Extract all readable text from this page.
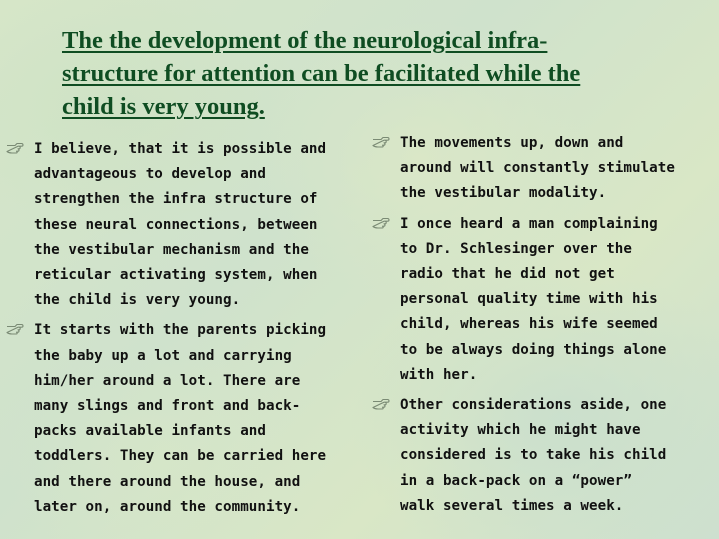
The the development of the neurological infra-
structure for attention can be facilitated while the
child is very young.
I believe, that it is possible and
advantageous to develop and
strengthen the infra structure of
these neural connections, between
the vestibular mechanism and the
reticular activating system, when
the child is very young.
It starts with the parents picking
the baby up a lot and carrying
him/her around a lot. There are
many slings and front and back-
packs available infants and
toddlers. They can be carried here
and there around the house, and
later on, around the community.
The movements up, down and
around will constantly stimulate
the vestibular modality.
I once heard a man complaining
to Dr. Schlesinger over the
radio that he did not get
personal quality time with his
child, whereas his wife seemed
to be always doing things alone
with her.
Other considerations aside, one
activity which he might have
considered is to take his child
in a back-pack on a “power”
walk several times a week.
